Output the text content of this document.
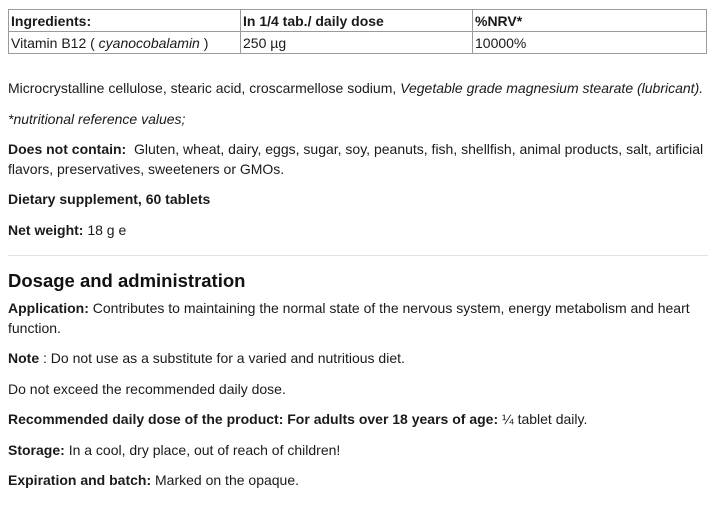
Ingredients:	In 1/4 tab./ daily dose	%NRV*
Vitamin B12 ( cyanocobalamin )	250 µg	10000%

Microcrystalline cellulose, stearic acid, croscarmellose sodium, Vegetable grade magnesium stearate (lubricant).

*nutritional reference values;

Does not contain: Gluten, wheat, dairy, eggs, sugar, soy, peanuts, fish, shellfish, animal products, salt, artificial flavors, preservatives, sweeteners or GMOs.

Dietary supplement, 60 tablets

Net weight: 18 g e

Dosage and administration

Application: Contributes to maintaining the normal state of the nervous system, energy metabolism and heart function.

Note : Do not use as a substitute for a varied and nutritious diet.

Do not exceed the recommended daily dose.

Recommended daily dose of the product: For adults over 18 years of age: ¼ tablet daily.

Storage: In a cool, dry place, out of reach of children!

Expiration and batch: Marked on the opaque.
